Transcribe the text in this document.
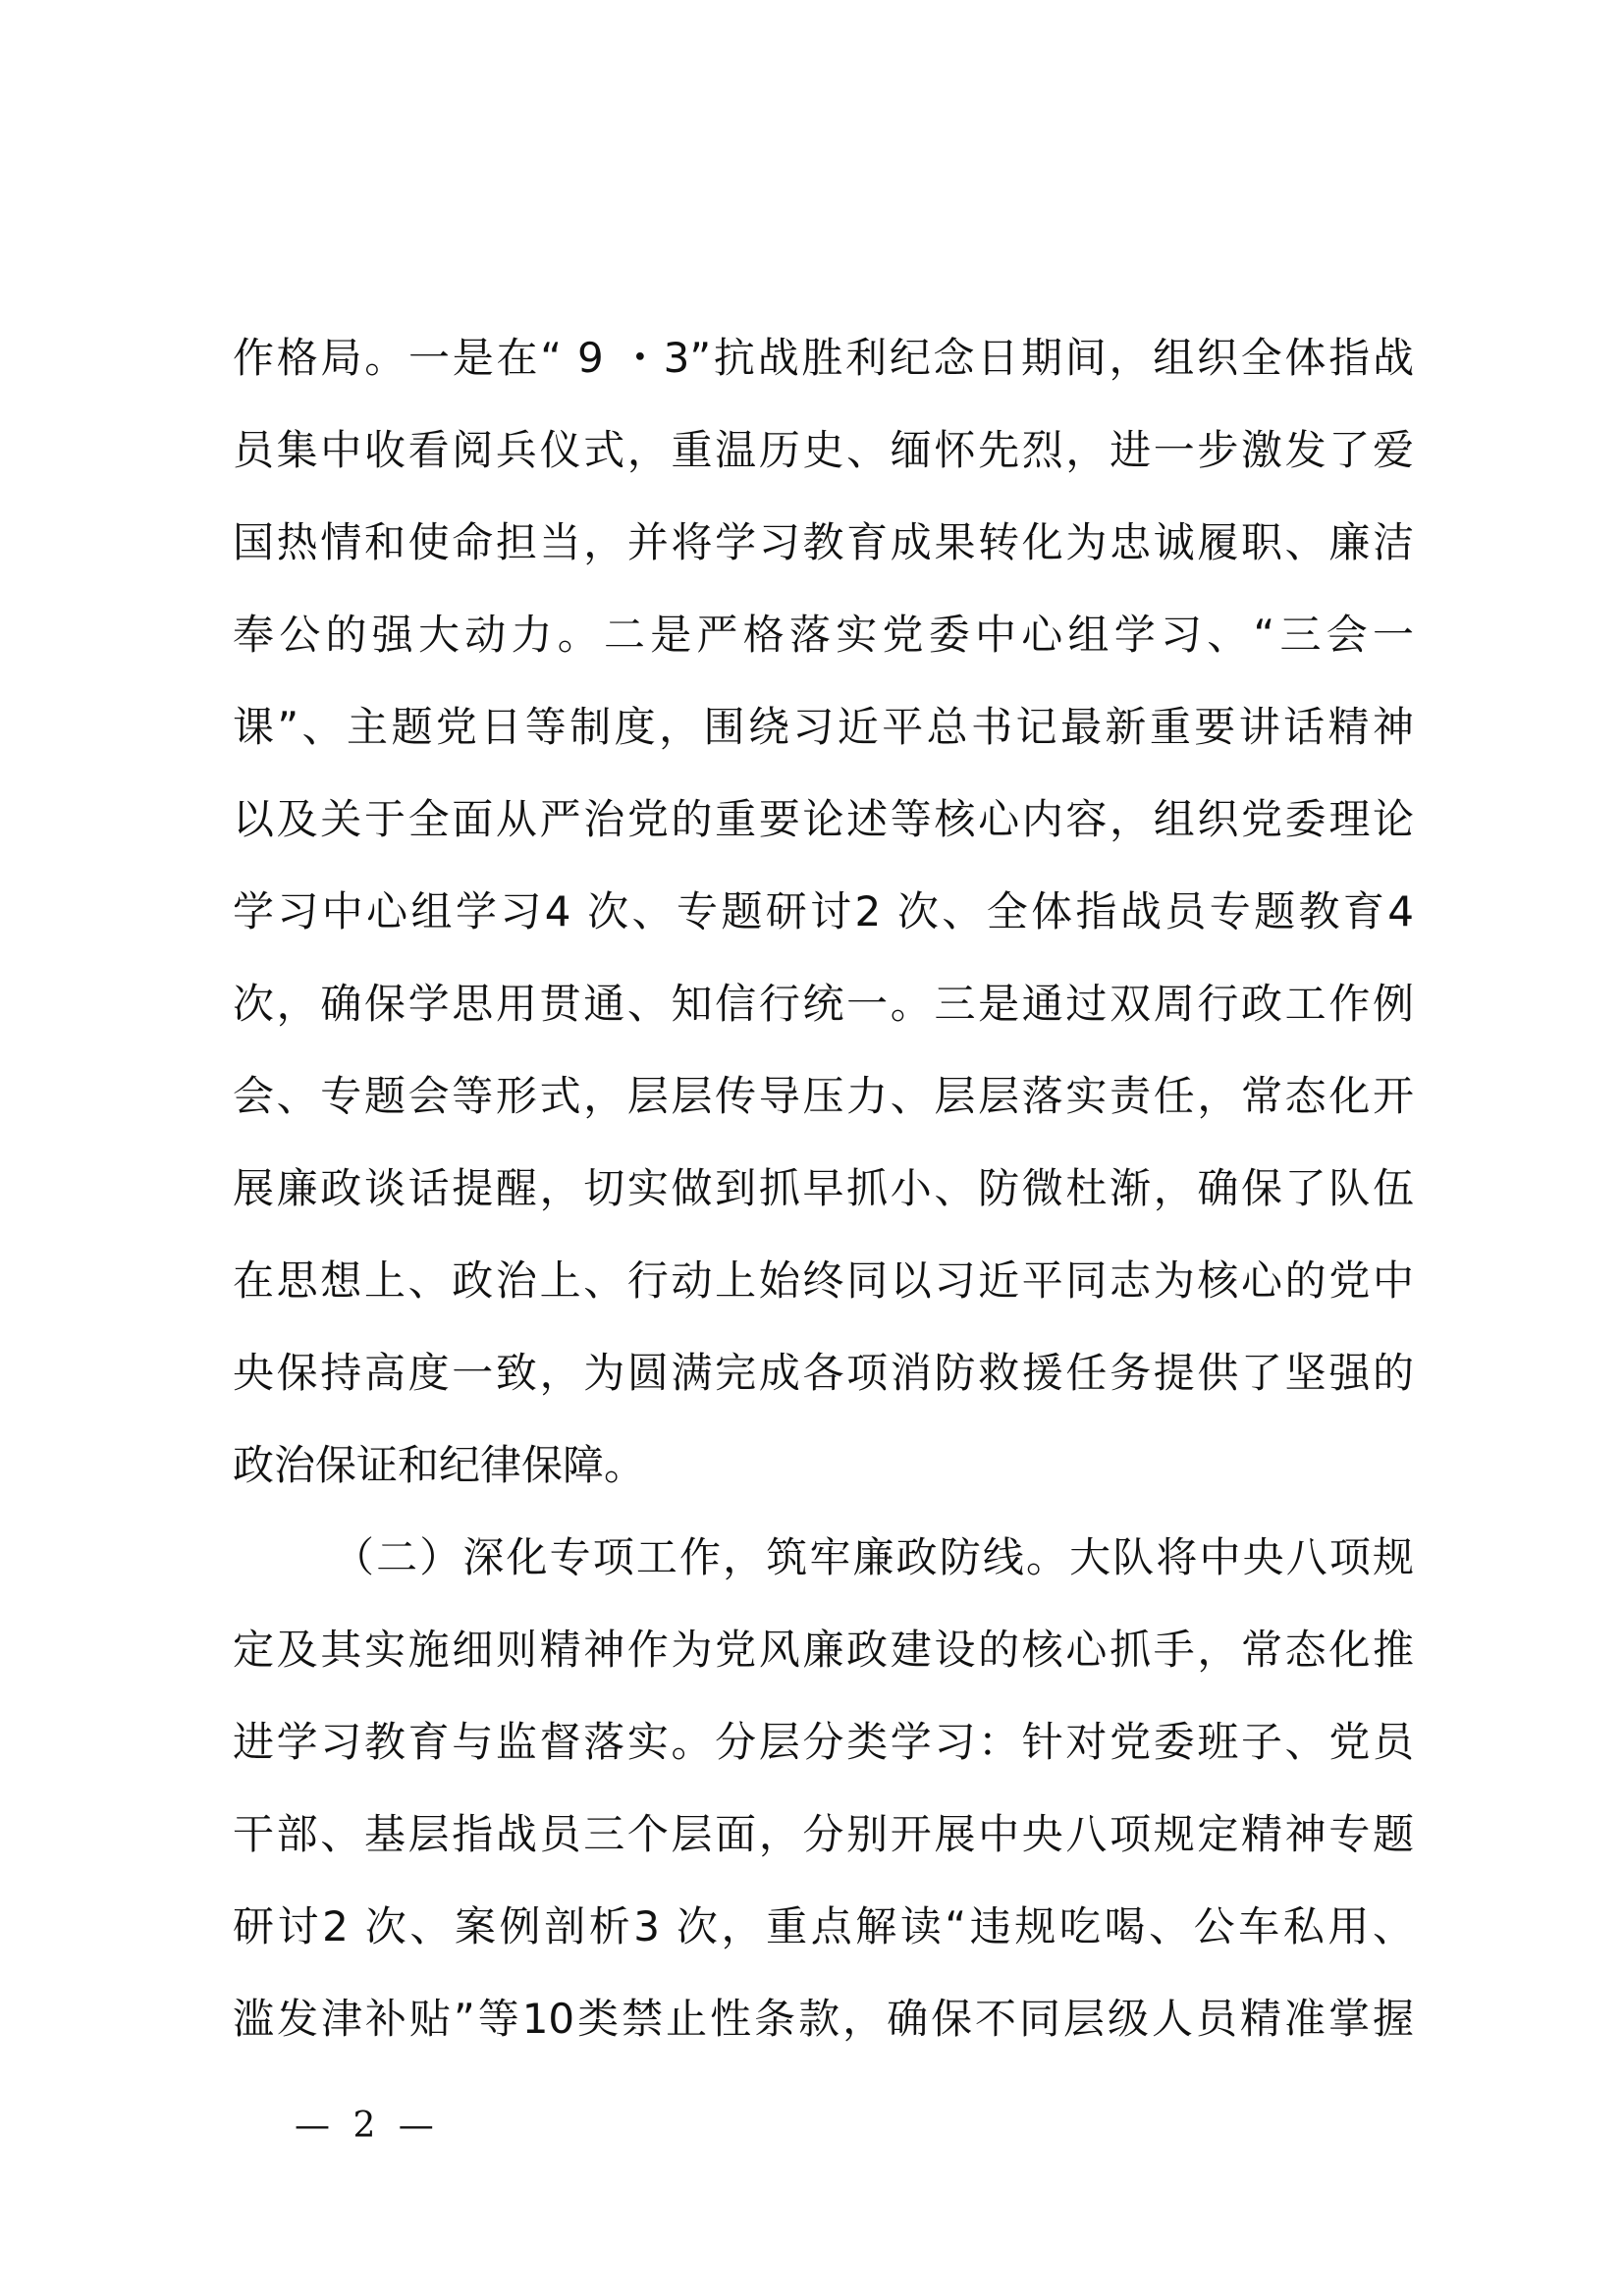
作格局。一是在“ 9 ・3”抗战胜利纪念日期间，组织全体指战
员集中收看阅兵仪式，重温历史、缅怀先烈，进一步激发了爱
国热情和使命担当，并将学习教育成果转化为忠诚履职、廉洁
奉公的强大动力。二是严格落实党委中心组学习、“三会一
课”、主题党日等制度，围绕习近平总书记最新重要讲话精神
以及关于全面从严治党的重要论述等核心内容，组织党委理论
学习中心组学习4 次、专题研讨2 次、全体指战员专题教育4
次，确保学思用贯通、知信行统一。三是通过双周行政工作例
会、专题会等形式，层层传导压力、层层落实责任，常态化开
展廉政谈话提醒，切实做到抓早抓小、防微杜渐，确保了队伍
在思想上、政治上、行动上始终同以习近平同志为核心的党中
央保持高度一致，为圆满完成各项消防救援任务提供了坚强的
政治保证和纪律保障。
（二）深化专项工作，筑牢廉政防线。大队将中央八项规
定及其实施细则精神作为党风廉政建设的核心抓手，常态化推
进学习教育与监督落实。分层分类学习：针对党委班子、党员
干部、基层指战员三个层面，分别开展中央八项规定精神专题
研讨2 次、案例剖析3 次，重点解读“违规吃喝、公车私用、
滥发津补贴”等10类禁止性条款，确保不同层级人员精准掌握
— 2 —
